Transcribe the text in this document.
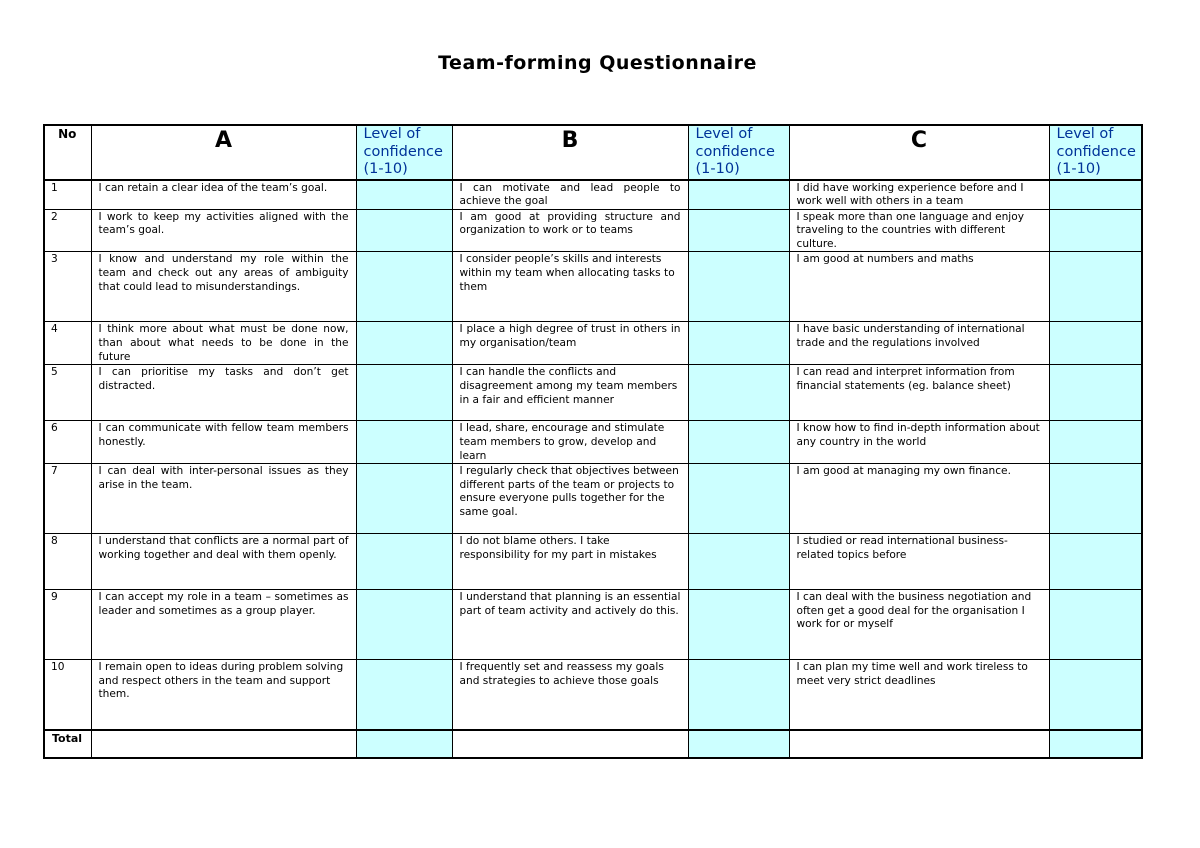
Team-forming Questionnaire
No	A	Level of confidence (1-10)	B	Level of confidence (1-10)	C	Level of confidence (1-10)
1	I can retain a clear idea of the team’s goal.		I can motivate and lead people to achieve the goal		I did have working experience before and I work well with others in a team	
2	I work to keep my activities aligned with the team’s goal.		I am good at providing structure and organization to work or to teams		I speak more than one language and enjoy traveling to the countries with different culture.	
3	I know and understand my role within the team and check out any areas of ambiguity that could lead to misunderstandings.		I consider people’s skills and interests within my team when allocating tasks to them		I am good at numbers and maths	
4	I think more about what must be done now, than about what needs to be done in the future		I place a high degree of trust in others in my organisation/team		I have basic understanding of international trade and the regulations involved	
5	I can prioritise my tasks and don’t get distracted.		I can handle the conflicts and disagreement among my team members in a fair and efficient manner		I can read and interpret information from financial statements (eg. balance sheet)	
6	I can communicate with fellow team members honestly.		I lead, share, encourage and stimulate team members to grow, develop and learn		I know how to find in-depth information about any country in the world	
7	I can deal with inter-personal issues as they arise in the team.		I regularly check that objectives between different parts of the team or projects to ensure everyone pulls together for the same goal.		I am good at managing my own finance.	
8	I understand that conflicts are a normal part of working together and deal with them openly.		I do not blame others. I take responsibility for my part in mistakes		I studied or read international business-related topics before	
9	I can accept my role in a team – sometimes as leader and sometimes as a group player.		I understand that planning is an essential part of team activity and actively do this.		I can deal with the business negotiation and often get a good deal for the organisation I work for or myself	
10	I remain open to ideas during problem solving and respect others in the team and support them.		I frequently set and reassess my goals and strategies to achieve those goals		I can plan my time well and work tireless to meet very strict deadlines	
Total						
